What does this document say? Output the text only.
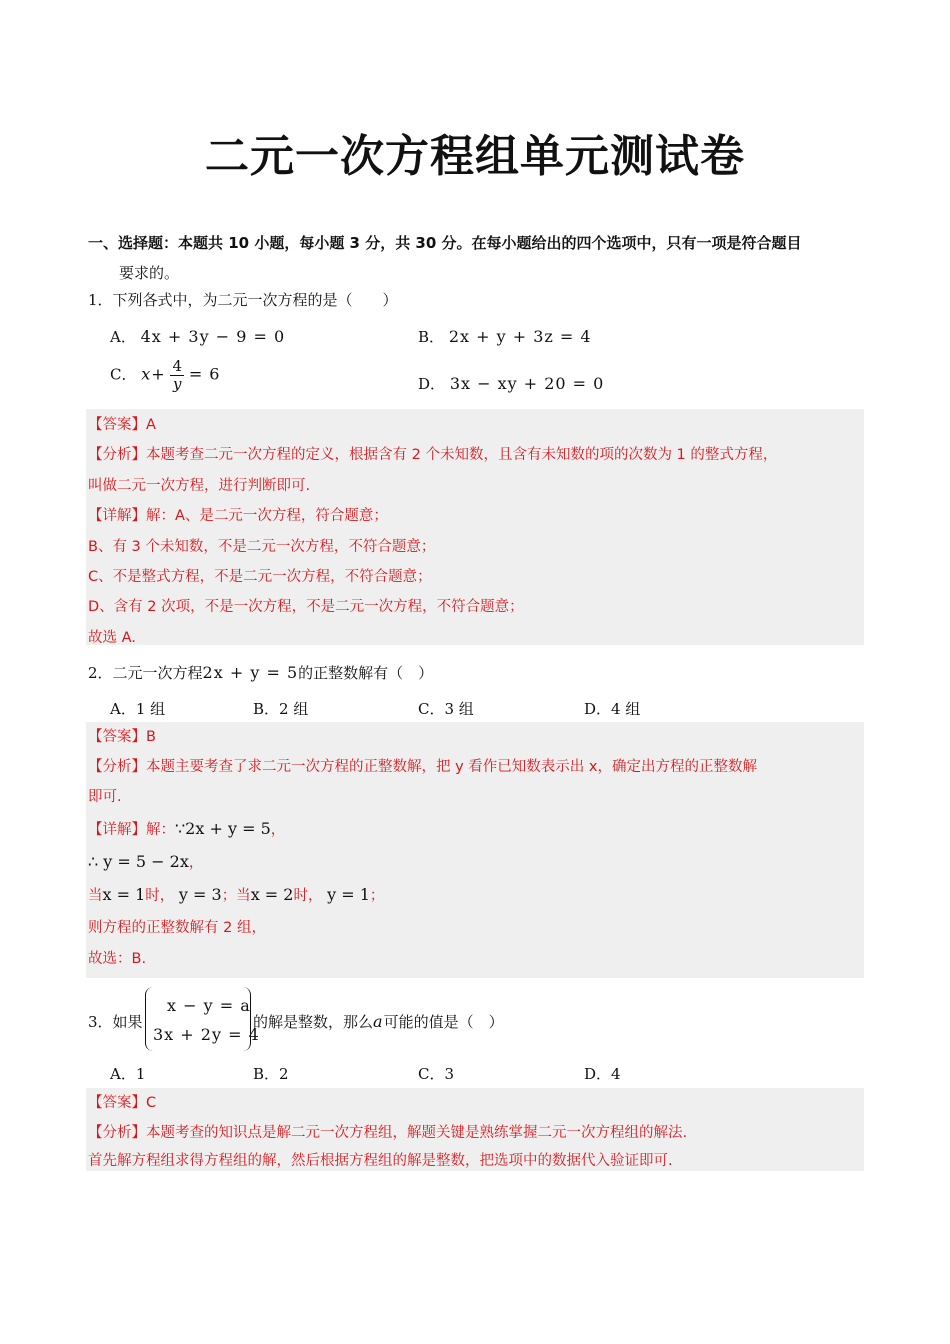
二元一次方程组单元测试卷
一、选择题：本题共 10 小题，每小题 3 分，共 30 分。在每小题给出的四个选项中，只有一项是符合题目
要求的。
1．下列各式中，为二元一次方程的是（　　）
A． 4x + 3y − 9 = 0	B． 2x + y + 3z = 4
C． $x+ \frac{4}{y} = 6$
D． 3x − xy + 20 = 0
【答案】A
【分析】本题考查二元一次方程的定义，根据含有 2 个未知数，且含有未知数的项的次数为 1 的整式方程，
叫做二元一次方程，进行判断即可.
【详解】解：A、是二元一次方程，符合题意；
B、有 3 个未知数，不是二元一次方程，不符合题意；
C、不是整式方程，不是二元一次方程，不符合题意；
D、含有 2 次项，不是一次方程，不是二元一次方程，不符合题意；
故选 A.
2．二元一次方程2x + y = 5的正整数解有（　）
A．1 组	B．2 组	C．3 组	D．4 组
【答案】B
【分析】本题主要考查了求二元一次方程的正整数解，把 y 看作已知数表示出 x，确定出方程的正整数解
即可.
【详解】解：∵2x + y = 5，
∴ y = 5 − 2x，
当x = 1时， y = 3；当x = 2时， y = 1；
则方程的正整数解有 2 组，
故选：B.
3．如果
x − y = a
3x + 2y = 4
的解是整数，那么a可能的值是（　）
A．1	B．2	C．3	D．4
【答案】C
【分析】本题考查的知识点是解二元一次方程组，解题关键是熟练掌握二元一次方程组的解法.
首先解方程组求得方程组的解，然后根据方程组的解是整数，把选项中的数据代入验证即可.
